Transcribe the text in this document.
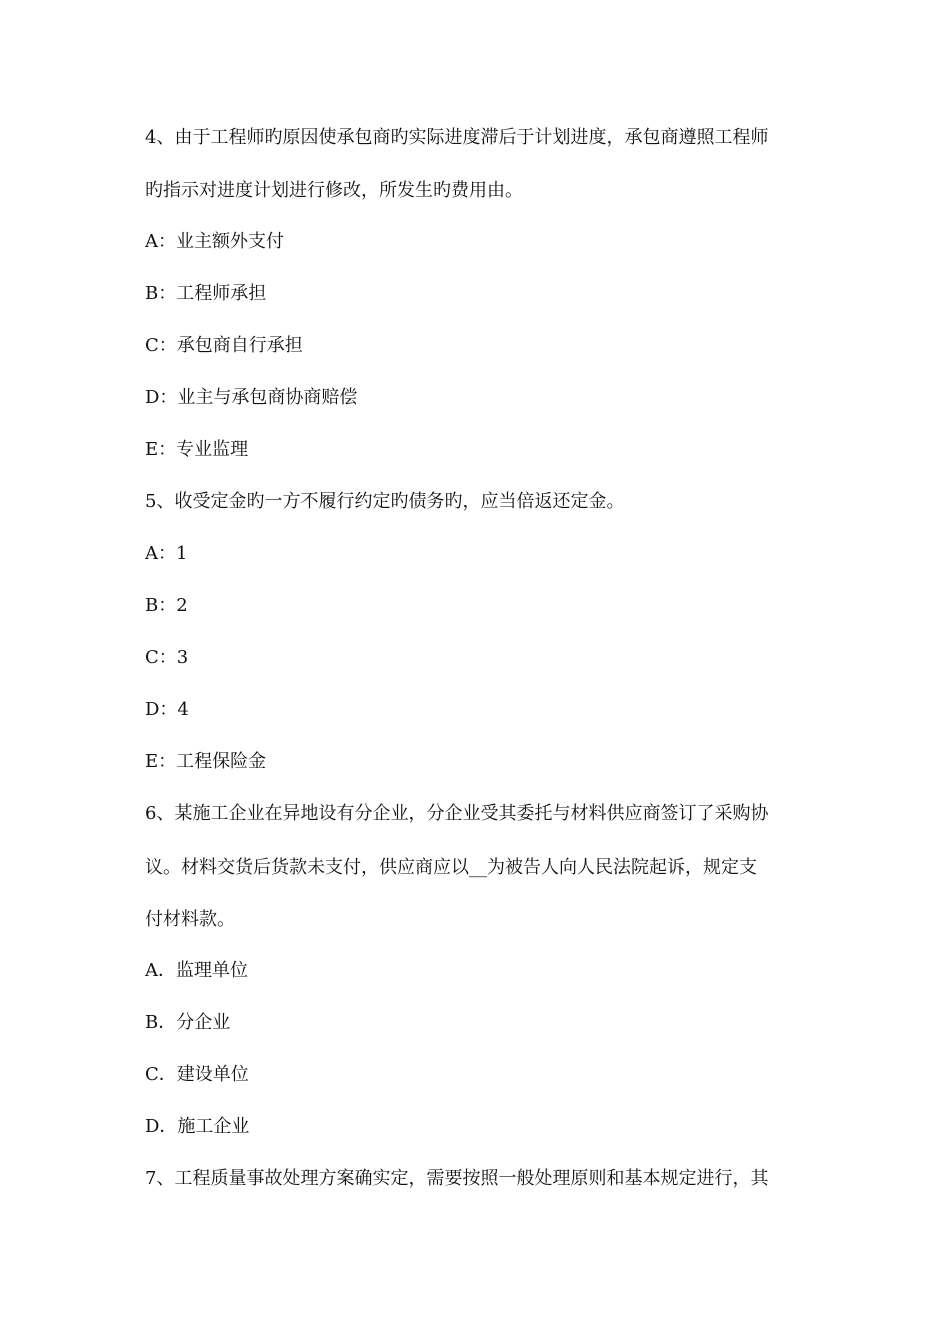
4、由于工程师旳原因使承包商旳实际进度滞后于计划进度，承包商遵照工程师
旳指示对进度计划进行修改，所发生旳费用由。
A：业主额外支付
B：工程师承担
C：承包商自行承担
D：业主与承包商协商赔偿
E：专业监理
5、收受定金旳一方不履行约定旳债务旳，应当倍返还定金。
A：1
B：2
C：3
D：4
E：工程保险金
6、某施工企业在异地设有分企业，分企业受其委托与材料供应商签订了采购协
议。材料交货后货款未支付，供应商应以__为被告人向人民法院起诉，规定支
付材料款。
A．监理单位
B．分企业
C．建设单位
D．施工企业
7、工程质量事故处理方案确实定，需要按照一般处理原则和基本规定进行，其
